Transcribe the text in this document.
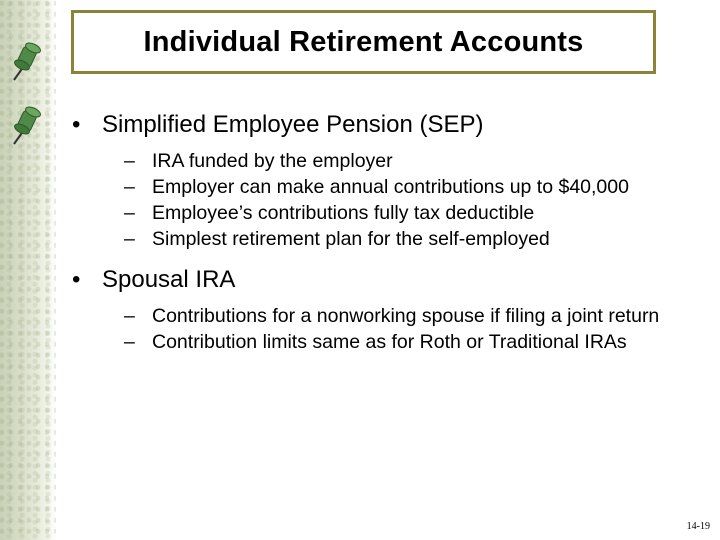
Individual Retirement Accounts
• Simplified Employee Pension (SEP)
– IRA funded by the employer
– Employer can make annual contributions up to $40,000
– Employee’s contributions fully tax deductible
– Simplest retirement plan for the self-employed
• Spousal IRA
– Contributions for a nonworking spouse if filing a joint return
– Contribution limits same as for Roth or Traditional IRAs
14-19
